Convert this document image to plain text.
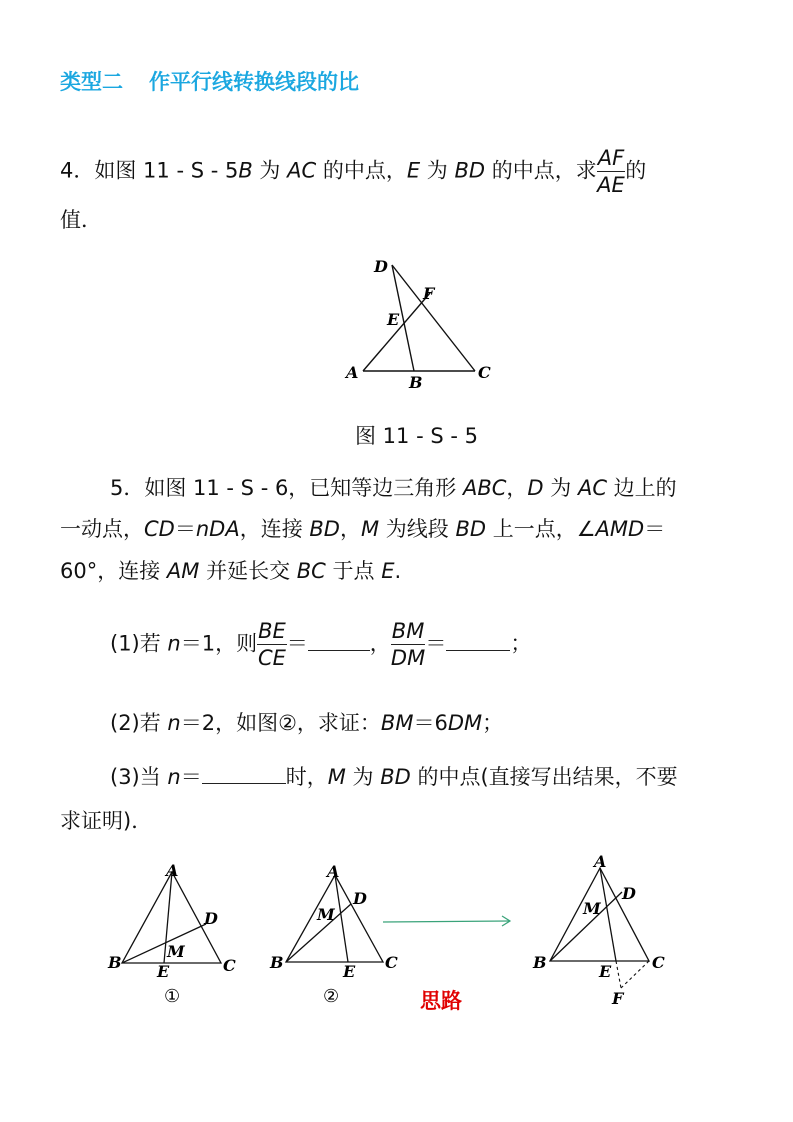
类型二 作平行线转换线段的比
4．如图 11 - S - 5B 为 AC 的中点，E 为 BD 的中点，求 $\frac{AF}{AE}$ 的
值．
D
F
E
A
B
C
图 11 - S - 5
5．如图 11 - S - 6，已知等边三角形 ABC，D 为 AC 边上的
一动点，CD＝nDA，连接 BD，M 为线段 BD 上一点，∠AMD＝
60°，连接 AM 并延长交 BC 于点 E.
(1)若 n＝1，则 $\frac{BE}{CE}$ ＝	， $\frac{BM}{DM}$ ＝	；
(2)若 n＝2，如图②，求证：BM＝6DM；
(3)当 n＝	时，M 为 BD 的中点(直接写出结果，不要
求证明)．
A
D
M
B E	C
①
A
D
M
B	E C
②
A
D
M
B	E	C
F
思路
